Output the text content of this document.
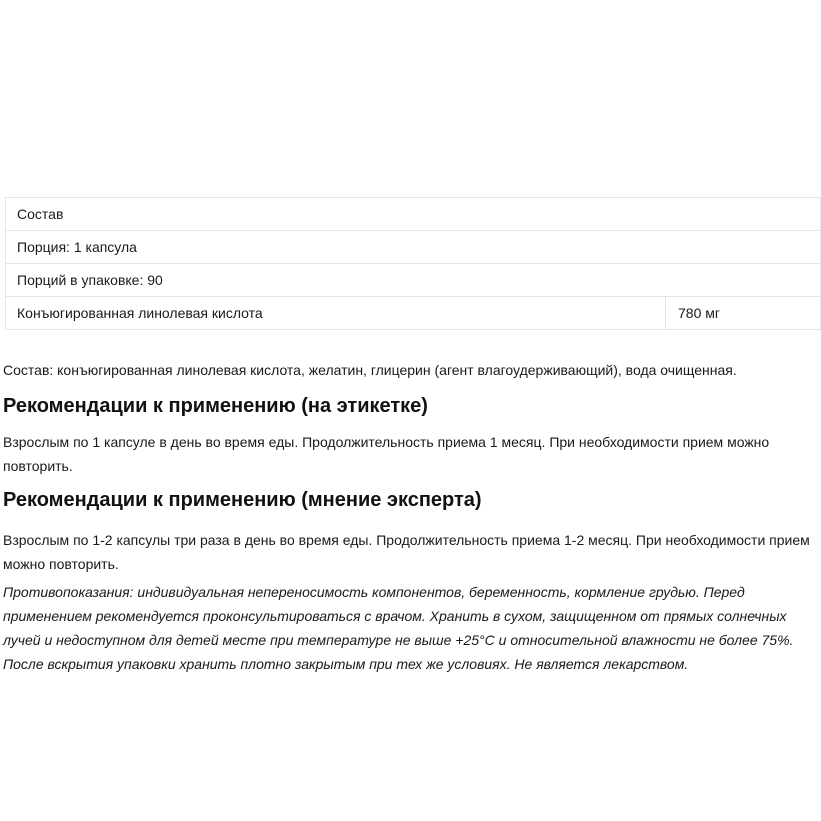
Состав
Порция: 1 капсула
Порций в упаковке: 90
Конъюгированная линолевая кислота	780 мг

Состав: конъюгированная линолевая кислота, желатин, глицерин (агент влагоудерживающий), вода очищенная.

Рекомендации к применению (на этикетке)

Взрослым по 1 капсуле в день во время еды. Продолжительность приема 1 месяц. При необходимости прием можно повторить.

Рекомендации к применению (мнение эксперта)

Взрослым по 1-2 капсулы три раза в день во время еды. Продолжительность приема 1-2 месяц. При необходимости прием можно повторить.

Противопоказания: индивидуальная непереносимость компонентов, беременность, кормление грудью. Перед применением рекомендуется проконсультироваться с врачом. Хранить в сухом, защищенном от прямых солнечных лучей и недоступном для детей месте при температуре не выше +25°С и относительной влажности не более 75%. После вскрытия упаковки хранить плотно закрытым при тех же условиях. Не является лекарством.
